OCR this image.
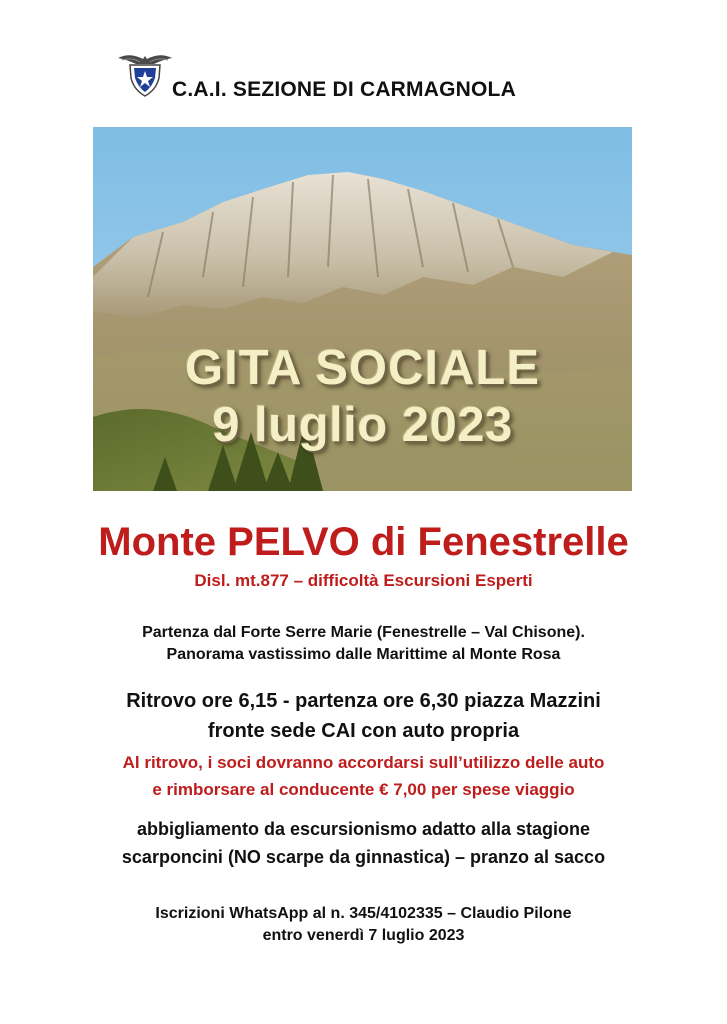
C.A.I. SEZIONE DI CARMAGNOLA
GITA SOCIALE
9 luglio 2023
Monte PELVO di Fenestrelle
Disl. mt.877 – difficoltà Escursioni Esperti
Partenza dal Forte Serre Marie (Fenestrelle – Val Chisone).
Panorama vastissimo dalle Marittime al Monte Rosa
Ritrovo ore 6,15 - partenza ore 6,30 piazza Mazzini
fronte sede CAI con auto propria
Al ritrovo, i soci dovranno accordarsi sull’utilizzo delle auto
e rimborsare al conducente € 7,00 per spese viaggio
abbigliamento da escursionismo adatto alla stagione
scarponcini (NO scarpe da ginnastica) – pranzo al sacco
Iscrizioni WhatsApp al n. 345/4102335 – Claudio Pilone
entro venerdì 7 luglio 2023
